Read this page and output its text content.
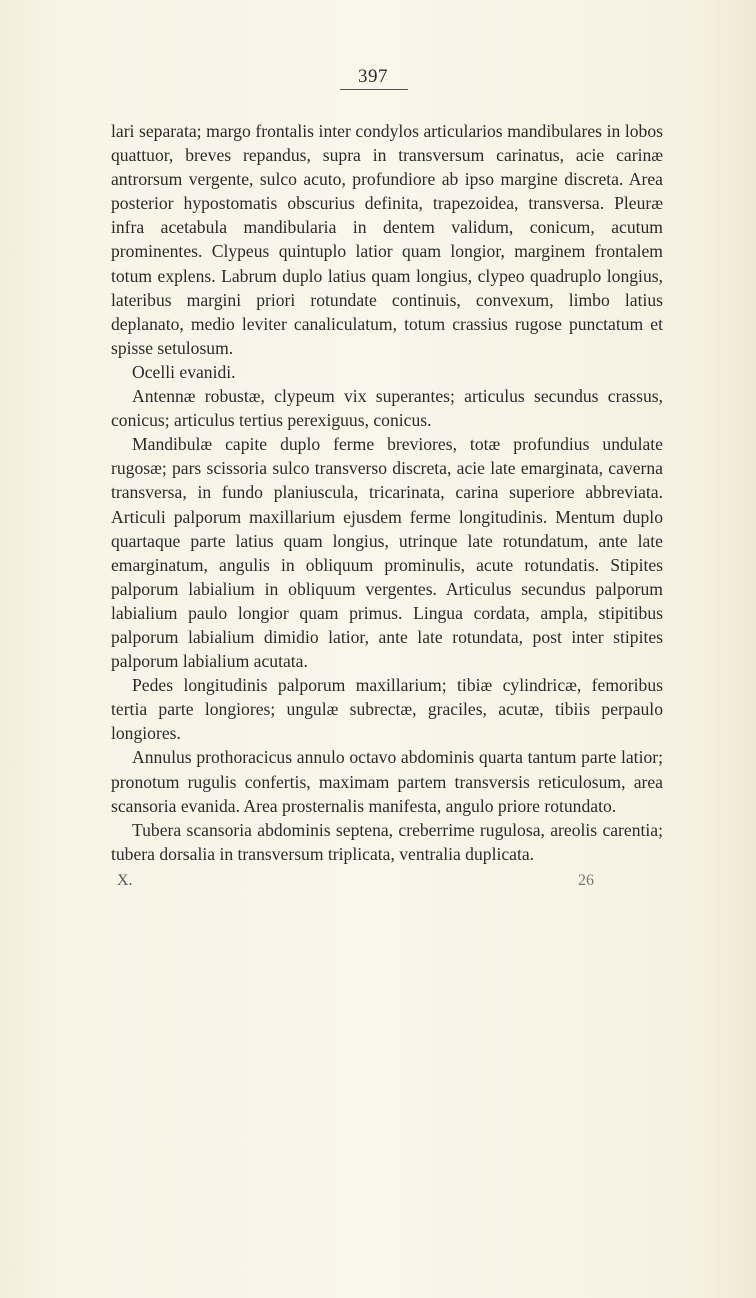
397

lari separata; margo frontalis inter condylos articularios mandibulares in lobos quattuor, breves repandus, supra in transversum carinatus, acie carinæ antrorsum vergente, sulco acuto, profundiore ab ipso margine discreta. Area posterior hypostomatis obscurius definita, trapezoidea, transversa. Pleuræ infra acetabula mandibularia in dentem validum, conicum, acutum prominentes. Clypeus quintuplo latior quam longior, marginem frontalem totum explens. Labrum duplo latius quam longius, clypeo quadruplo longius, lateribus margini priori rotundate continuis, convexum, limbo latius deplanato, medio leviter canaliculatum, totum crassius rugose punctatum et spisse setulosum.

Ocelli evanidi.

Antennæ robustæ, clypeum vix superantes; articulus secundus crassus, conicus; articulus tertius perexiguus, conicus.

Mandibulæ capite duplo ferme breviores, totæ profundius undulate rugosæ; pars scissoria sulco transverso discreta, acie late emarginata, caverna transversa, in fundo planiuscula, tricarinata, carina superiore abbreviata. Articuli palporum maxillarium ejusdem ferme longitudinis. Mentum duplo quartaque parte latius quam longius, utrinque late rotundatum, ante late emarginatum, angulis in obliquum prominulis, acute rotundatis. Stipites palporum labialium in obliquum vergentes. Articulus secundus palporum labialium paulo longior quam primus. Lingua cordata, ampla, stipitibus palporum labialium dimidio latior, ante late rotundata, post inter stipites palporum labialium acutata.

Pedes longitudinis palporum maxillarium; tibiæ cylindricæ, femoribus tertia parte longiores; ungulæ subrectæ, graciles, acutæ, tibiis perpaulo longiores.

Annulus prothoracicus annulo octavo abdominis quarta tantum parte latior; pronotum rugulis confertis, maximam partem transversis reticulosum, area scansoria evanida. Area prosternalis manifesta, angulo priore rotundato.

Tubera scansoria abdominis septena, creberrime rugulosa, areolis carentia; tubera dorsalia in transversum triplicata, ventralia duplicata.

X.	26
